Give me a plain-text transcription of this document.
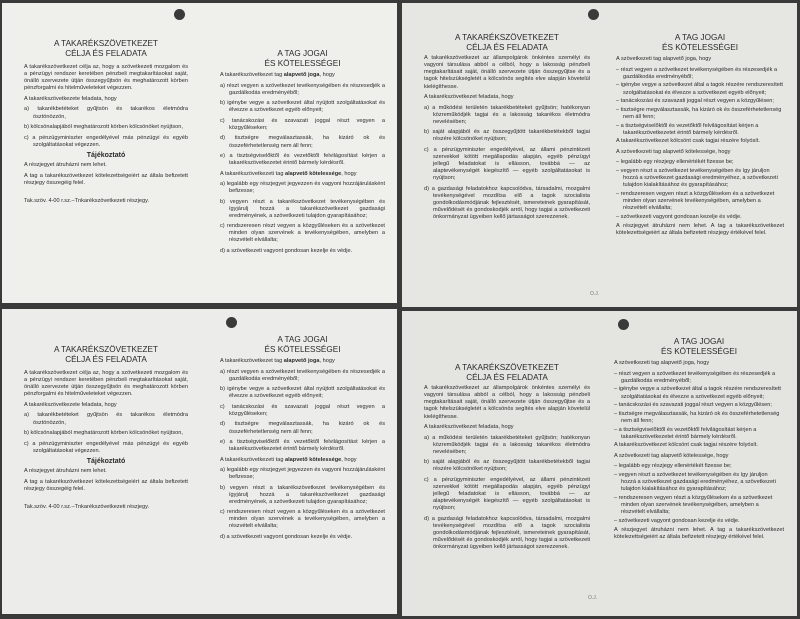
A TAKARÉKSZÖVETKEZET
CÉLJA ÉS FELADATA

A takarékszövetkezet célja az, hogy a szövetkezeti mozgalom és a pénzügyi rendszer keretében pénzbeli megtakarításokat saját, önálló szervezete útján összegyűjtsön és meghatározott körben pénzforgalmi és hitelműveleteket végezzen.

A takarékszövetkezete feladata, hogy

a) takarékbetéteket gyűjtsön és takarékos életmódra ösztönözzön,

b) kölcsönalapjából meghatározott körben kölcsönöket nyújtson,

c) a pénzügyminiszter engedélyével más pénzügyi és egyéb szolgáltatásokat végezzen.

Tájékoztató

A részjegyet átruházni nem lehet.

A tag a takarékszövetkezet kötelezettségeiért az általa befizetett részjegy összegéig felel.

Tak.szöv. 4-00 r.sz.–Tnkarékszövetkezeti részjegy.

A TAG JOGAI
ÉS KÖTELESSÉGEI

A takarékszövetkezet tag alapvető joga, hogy

a) részt vegyen a szövetkezet tevékenységében és részesedjék a gazdálkodás eredményéből;

b) igénybe vegye a szövetkezet által nyújtott szolgáltatásokat és élvezze a szövetkezet egyéb előnyeit;

c) tanácskozási és szavazati joggal részt vegyen a közgyűléseken;

d) tisztségre megválasztassák, ha kizáró ok és összeférhetetlenség nem áll fenn;

e) a tisztségviselőktől és vezetőktől felvilágosítást kérjen a takarékszövetkezetet érintő bármely kérdésről.

A takarékszövetkezeti tag alapvető kötelessége, hogy

a) legalább egy részjegyet jegyezzen és vagyoni hozzájárulásként befizesse;

b) vegyen részt a takarékszövetkezet tevékenységében és ígyjárulj hozzá a takarékszövetkezet gazdasági eredményének, a szövetkezeti tulajdon gyarapításához;

c) rendszeresen részt vegyen a közgyűléseken és a szövetkezet minden olyan szervének a tevékenységében, amelyben a részvételt elvállalta;

d) a szövetkezeti vagyont gondosan kezelje és védje.

A TAKARÉKSZÖVETKEZET
CÉLJA ÉS FELADATA

A takarékszövetkezet az állampolgárok önkéntes személyi és vagyoni társulása abból a célból, hogy a lakosság pénzbeli megtakarításait saját, önálló szervezete útján összegyűjtse és a tagok hitelszükségletét a kölcsönös segítés elve alapján követelül kielégíthesse.

A takarékszövetkezet feladata, hogy

a) a működési területén takarékbetéteket gyűjtsön; hatékonyan közreműködjék tagjai és a lakosság takarékos életmódra nevelésében;

b) saját alapjából és az összegyűjtött takarékbetétekből tagjai részére kölcsönöket nyújtson;

c) a pénzügyminiszter engedélyével, az állami pénzintézeti szervekkel kötött megállapodás alapján, egyéb pénzügyi jellegű feladatokat is ellásson, továbbá — az alaptevékenységét kiegészítő — egyéb szolgáltatásokat is nyújtson;

d) a gazdasági feladatokhoz kapcsolódva, társadalmi, mozgalmi tevékenységével mozdítsa elő a tagok szocialista gondolkodásmódjának fejlesztését, ismereteinek gyarapítását, művelődését és gondoskodjék arról, hogy tagjai a szövetkezeti önkormányzat ügyeiben kellő jártasságot szerezzenek.

A TAG JOGAI
ÉS KÖTELESSÉGEI

A szövetkezeti tag alapvető joga, hogy

– részt vegyen a szövetkezet tevékenységében és részesedjék a gazdálkodás eredményéből;

– igénybe vegye a szövetkezet által a tagok részére rendszeresített szolgáltatásokat és élvezze a szövetkezet egyéb előnyeit;

– tanácskozási és szavazati joggal részt vegyen a közgyűlésen;

– tisztségre megválasztassák, ha kizáró ok és összeférhetetlenség nem áll fenn;

– a tisztségviselőktől és vezetőktől felvilágosítást kérjen a takarékszövetkezetet érintő bármely kérdésről.

A takarékszövetkezet kölcsönt csak tagjai részére folyósít.

A szövetkezeti tag alapvető kötelessége, hogy

– legalább egy részjegy ellenértékét fizesse be;

– vegyen részt a szövetkezet tevékenységében és így járuljon hozzá a szövetkezet gazdasági eredményéhez, a szövetkezeti tulajdon kialakításához és gyarapításához;

– rendszeresen vegyen részt a közgyűléseken és a szövetkezet minden olyan szervének tevékenységében, amelyben a részvételt elvállalta;

– szövetkezeti vagyont gondosan kezelje és védje.

A részjegyet átruházni nem lehet. A tag a takarékszövetkezet kötelezettségeiért az általa befizetett részjegy értékével felel.

O.J.

A TAKARÉKSZÖVETKEZET
CÉLJA ÉS FELADATA

A takarékszövetkezet célja az, hogy a szövetkezeti mozgalom és a pénzügyi rendszer keretében pénzbeli megtakarításokat saját, önálló szervezete útján összegyűjtsön és meghatározott körben pénzforgalmi és hitelműveleteket végezzen.

A takarékszövetkezete feladata, hogy

a) takarékbetéteket gyűjtsön és takarékos életmódra ösztönözzön,

b) kölcsönalapjából meghatározott körben kölcsönöket nyújtson,

c) a pénzügyminiszter engedélyével más pénzügyi és egyéb szolgáltatásokat végezzen.

Tájékoztató

A részjegyet átruházni nem lehet.

A tag a takarékszövetkezet kötelezettségeiért az általa befizetett részjegy összegéig felel.

Tak.szöv. 4-00 r.sz.–Tnkarékszövetkezeti részjegy.

A TAG JOGAI
ÉS KÖTELESSÉGEI

A takarékszövetkezet tag alapvető joga, hogy

a) részt vegyen a szövetkezet tevékenységében és részesedjék a gazdálkodás eredményéből;

b) igénybe vegye a szövetkezet által nyújtott szolgáltatásokat és élvezze a szövetkezet egyéb előnyeit;

c) tanácskozási és szavazati joggal részt vegyen a közgyűléseken;

d) tisztségre megválasztassák, ha kizáró ok és összeférhetetlenség nem áll fenn;

e) a tisztségviselőktől és vezetőktől felvilágosítást kérjen a takarékszövetkezetet érintő bármely kérdésről.

A takarékszövetkezeti tag alapvető kötelessége, hogy

a) legalább egy részjegyet jegyezzen és vagyoni hozzájárulásként befizesse;

b) vegyen részt a takarékszövetkezet tevékenységében és ígyjárulj hozzá a takarékszövetkezet gazdasági eredményének, a szövetkezeti tulajdon gyarapításához;

c) rendszeresen részt vegyen a közgyűléseken és a szövetkezet minden olyan szervének a tevékenységében, amelyben a részvételt elvállalta;

d) a szövetkezeti vagyont gondosan kezelje és védje.

A TAKARÉKSZÖVETKEZET
CÉLJA ÉS FELADATA

A takarékszövetkezet az állampolgárok önkéntes személyi és vagyoni társulása abból a célból, hogy a lakosság pénzbeli megtakarításait saját, önálló szervezete útján összegyűjtse és a tagok hitelszükségletét a kölcsönös segítés elve alapján követelül kielégíthesse.

A takarékszövetkezet feladata, hogy

a) a működési területén takarékbetéteket gyűjtsön; hatékonyan közreműködjék tagjai és a lakosság takarékos életmódra nevelésében;

b) saját alapjából és az összegyűjtött takarékbetétekből tagjai részére kölcsönöket nyújtson;

c) a pénzügyminiszter engedélyével, az állami pénzintézeti szervekkel kötött megállapodás alapján, egyéb pénzügyi jellegű feladatokat is ellásson, továbbá — az alaptevékenységét kiegészítő — egyéb szolgáltatásokat is nyújtson;

d) a gazdasági feladatokhoz kapcsolódva, társadalmi, mozgalmi tevékenységével mozdítsa elő a tagok szocialista gondolkodásmódjának fejlesztését, ismereteinek gyarapítását, művelődését és gondoskodjék arról, hogy tagjai a szövetkezeti önkormányzat ügyeiben kellő jártasságot szerezzenek.

A TAG JOGAI
ÉS KÖTELESSÉGEI

A szövetkezeti tag alapvető joga, hogy

– részt vegyen a szövetkezet tevékenységében és részesedjék a gazdálkodás eredményéből;

– igénybe vegye a szövetkezet által a tagok részére rendszeresített szolgáltatásokat és élvezze a szövetkezet egyéb előnyeit;

– tanácskozási és szavazati joggal részt vegyen a közgyűlésen;

– tisztségre megválasztassák, ha kizáró ok és összeférhetetlenség nem áll fenn;

– a tisztségviselőktől és vezetőktől felvilágosítást kérjen a takarékszövetkezetet érintő bármely kérdésről.

A takarékszövetkezet kölcsönt csak tagjai részére folyósít.

A szövetkezeti tag alapvető kötelessége, hogy

– legalább egy részjegy ellenértékét fizesse be;

– vegyen részt a szövetkezet tevékenységében és így járuljon hozzá a szövetkezet gazdasági eredményéhez, a szövetkezeti tulajdon kialakításához és gyarapításához;

– rendszeresen vegyen részt a közgyűléseken és a szövetkezet minden olyan szervének tevékenységében, amelyben a részvételt elvállalta;

– szövetkezeti vagyont gondosan kezelje és védje.

A részjegyet átruházni nem lehet. A tag a takarékszövetkezet kötelezettségeiért az általa befizetett részjegy értékével felel.

O.J.
